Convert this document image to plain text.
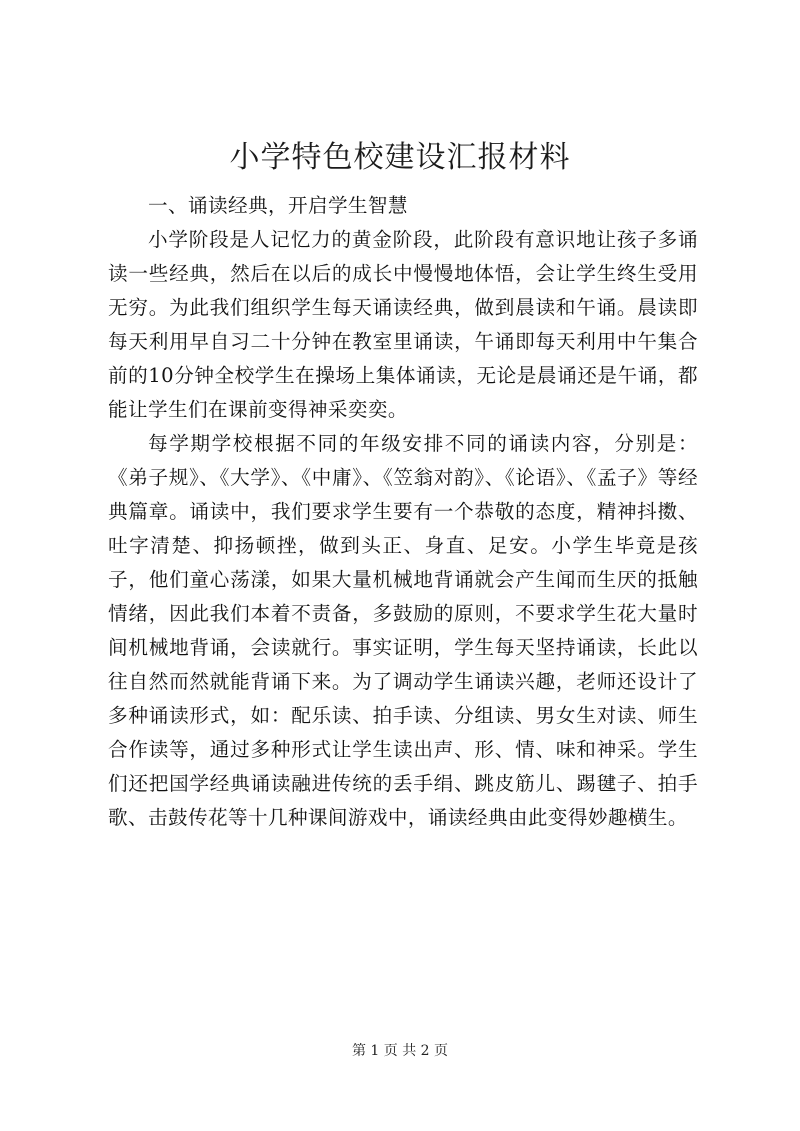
小学特色校建设汇报材料

一、诵读经典，开启学生智慧

小学阶段是人记忆力的黄金阶段，此阶段有意识地让孩子多诵读一些经典，然后在以后的成长中慢慢地体悟，会让学生终生受用无穷。为此我们组织学生每天诵读经典，做到晨读和午诵。晨读即每天利用早自习二十分钟在教室里诵读，午诵即每天利用中午集合前的10分钟全校学生在操场上集体诵读，无论是晨诵还是午诵，都能让学生们在课前变得神采奕奕。

每学期学校根据不同的年级安排不同的诵读内容，分别是：《弟子规》、《大学》、《中庸》、《笠翁对韵》、《论语》、《孟子》等经典篇章。诵读中，我们要求学生要有一个恭敬的态度，精神抖擞、吐字清楚、抑扬顿挫，做到头正、身直、足安。小学生毕竟是孩子，他们童心荡漾，如果大量机械地背诵就会产生闻而生厌的抵触情绪，因此我们本着不责备，多鼓励的原则，不要求学生花大量时间机械地背诵，会读就行。事实证明，学生每天坚持诵读，长此以往自然而然就能背诵下来。为了调动学生诵读兴趣，老师还设计了多种诵读形式，如：配乐读、拍手读、分组读、男女生对读、师生合作读等，通过多种形式让学生读出声、形、情、味和神采。学生们还把国学经典诵读融进传统的丢手绢、跳皮筋儿、踢毽子、拍手歌、击鼓传花等十几种课间游戏中，诵读经典由此变得妙趣横生。

第 1 页 共 2 页
